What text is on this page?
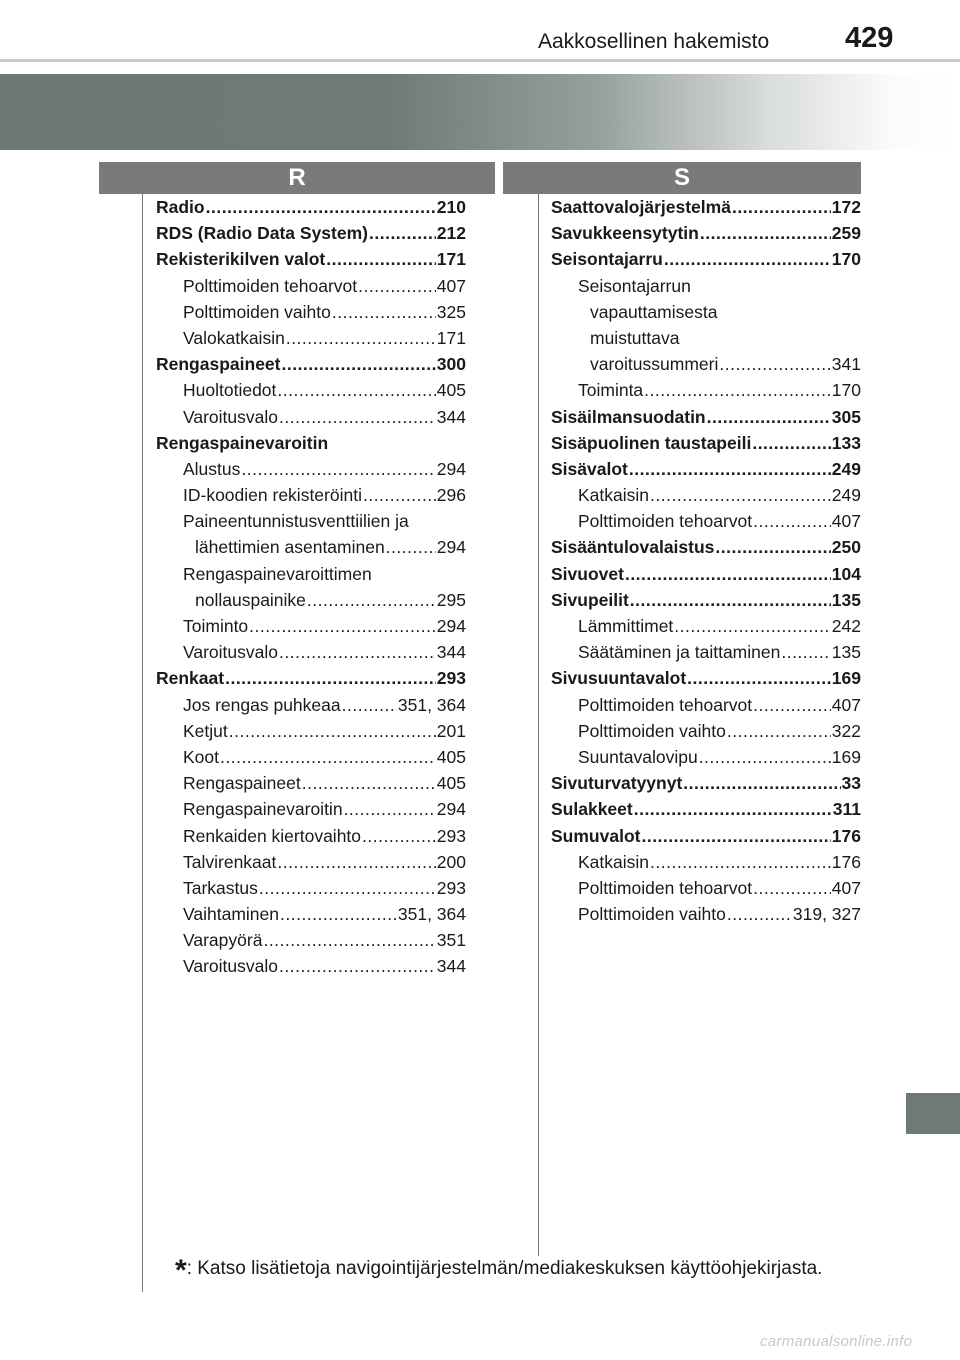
Aakkosellinen hakemisto	429
R	S
Radio .....	210
RDS (Radio Data System) .....	212
Rekisterikilven valot .....	171
Polttimoiden tehoarvot .....	407
Polttimoiden vaihto .....	325
Valokatkaisin .....	171
Rengaspaineet .....	300
Huoltotiedot .....	405
Varoitusvalo .....	344
Rengaspainevaroitin
Alustus .....	294
ID-koodien rekisteröinti .....	296
Paineentunnistusventtiilien ja
lähettimien asentaminen .....	294
Rengaspainevaroittimen
nollauspainike .....	295
Toiminto .....	294
Varoitusvalo .....	344
Renkaat .....	293
Jos rengas puhkeaa .....	351, 364
Ketjut .....	201
Koot .....	405
Rengaspaineet .....	405
Rengaspainevaroitin .....	294
Renkaiden kiertovaihto .....	293
Talvirenkaat .....	200
Tarkastus .....	293
Vaihtaminen .....	351, 364
Varapyörä .....	351
Varoitusvalo .....	344
Saattovalojärjestelmä .....	172
Savukkeensytytin .....	259
Seisontajarru .....	170
Seisontajarrun
vapauttamisesta
muistuttava
varoitussummeri .....	341
Toiminta .....	170
Sisäilmansuodatin .....	305
Sisäpuolinen taustapeili .....	133
Sisävalot .....	249
Katkaisin .....	249
Polttimoiden tehoarvot .....	407
Sisääntulovalaistus .....	250
Sivuovet .....	104
Sivupeilit .....	135
Lämmittimet .....	242
Säätäminen ja taittaminen .....	135
Sivusuuntavalot .....	169
Polttimoiden tehoarvot .....	407
Polttimoiden vaihto .....	322
Suuntavalovipu .....	169
Sivuturvatyynyt .....	33
Sulakkeet .....	311
Sumuvalot .....	176
Katkaisin .....	176
Polttimoiden tehoarvot .....	407
Polttimoiden vaihto .....	319, 327
*: Katso lisätietoja navigointijärjestelmän/mediakeskuksen käyttöohjekirjasta.
carmanualsonline.info
